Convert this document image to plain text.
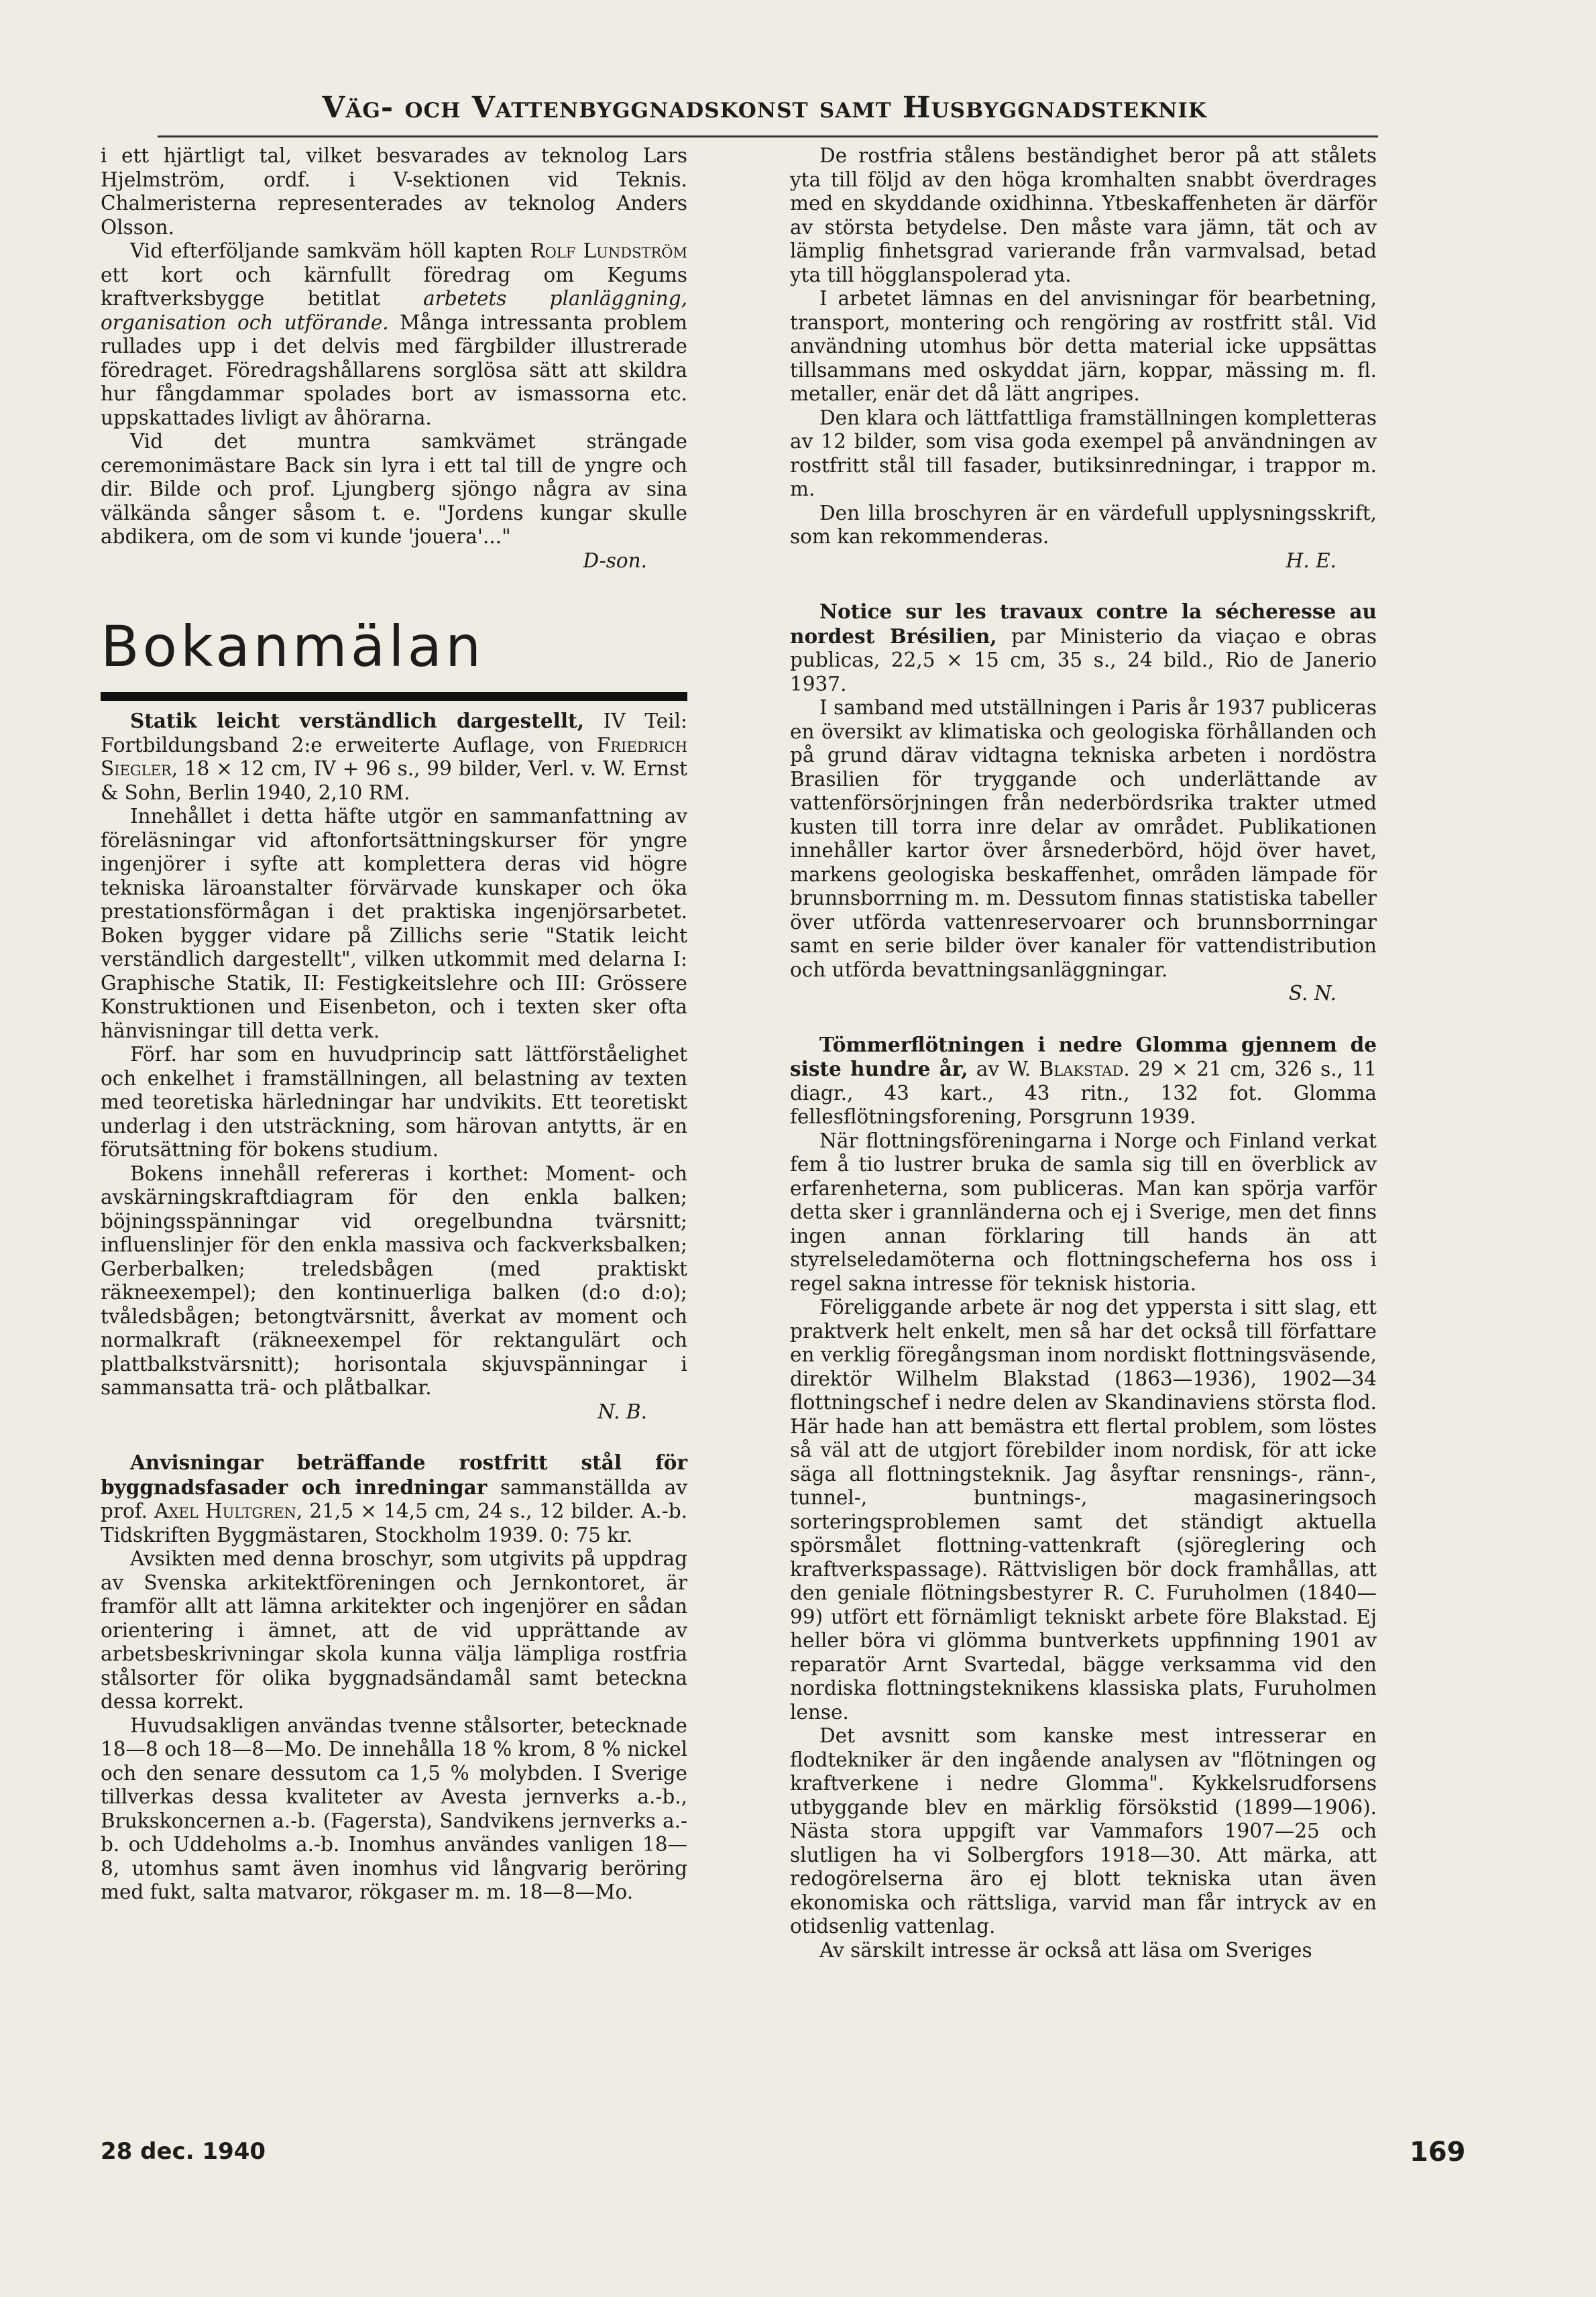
Väg- och Vattenbyggnadskonst samt Husbyggnadsteknik

i ett hjärtligt tal, vilket besvarades av teknolog Lars Hjelmström, ordf. i V-sektionen vid Teknis. Chalmeristerna representerades av teknolog Anders Olsson.

Vid efterföljande samkväm höll kapten Rolf Lundström ett kort och kärnfullt föredrag om Kegums kraftverksbygge betitlat arbetets planläggning, organisation och utförande. Många intressanta problem rullades upp i det delvis med färgbilder illustrerade föredraget. Föredragshållarens sorglösa sätt att skildra hur fångdammar spolades bort av ismassorna etc. uppskattades livligt av åhörarna.

Vid det muntra samkvämet strängade ceremonimästare Back sin lyra i ett tal till de yngre och dir. Bilde och prof. Ljungberg sjöngo några av sina välkända sånger såsom t. e. "Jordens kungar skulle abdikera, om de som vi kunde 'jouera'..."

D-son.

Bokanmälan

Statik leicht verständlich dargestellt, IV Teil: Fortbildungsband 2:e erweiterte Auflage, von Friedrich Siegler, 18 × 12 cm, IV + 96 s., 99 bilder, Verl. v. W. Ernst & Sohn, Berlin 1940, 2,10 RM.

Innehållet i detta häfte utgör en sammanfattning av föreläsningar vid aftonfortsättningskurser för yngre ingenjörer i syfte att komplettera deras vid högre tekniska läroanstalter förvärvade kunskaper och öka prestationsförmågan i det praktiska ingenjörsarbetet. Boken bygger vidare på Zillichs serie "Statik leicht verständlich dargestellt", vilken utkommit med delarna I: Graphische Statik, II: Festigkeitslehre och III: Grössere Konstruktionen und Eisenbeton, och i texten sker ofta hänvisningar till detta verk.

Förf. har som en huvudprincip satt lättförståelighet och enkelhet i framställningen, all belastning av texten med teoretiska härledningar har undvikits. Ett teoretiskt underlag i den utsträckning, som härovan antytts, är en förutsättning för bokens studium.

Bokens innehåll refereras i korthet: Moment- och avskärningskraftdiagram för den enkla balken; böjningsspänningar vid oregelbundna tvärsnitt; influenslinjer för den enkla massiva och fackverksbalken; Gerberbalken; treledsbågen (med praktiskt räkneexempel); den kontinuerliga balken (d:o d:o); tvåledsbågen; betongtvärsnitt, åverkat av moment och normalkraft (räkneexempel för rektangulärt och plattbalkstvärsnitt); horisontala skjuvspänningar i sammansatta trä- och plåtbalkar.

N. B.

Anvisningar beträffande rostfritt stål för byggnadsfasader och inredningar sammanställda av prof. Axel Hultgren, 21,5 × 14,5 cm, 24 s., 12 bilder. A.-b. Tidskriften Byggmästaren, Stockholm 1939. 0: 75 kr.

Avsikten med denna broschyr, som utgivits på uppdrag av Svenska arkitektföreningen och Jernkontoret, är framför allt att lämna arkitekter och ingenjörer en sådan orientering i ämnet, att de vid upprättande av arbetsbeskrivningar skola kunna välja lämpliga rostfria stålsorter för olika byggnadsändamål samt beteckna dessa korrekt.

Huvudsakligen användas tvenne stålsorter, betecknade 18—8 och 18—8—Mo. De innehålla 18 % krom, 8 % nickel och den senare dessutom ca 1,5 % molybden. I Sverige tillverkas dessa kvaliteter av Avesta jernverks a.-b., Brukskoncernen a.-b. (Fagersta), Sandvikens jernverks a.-b. och Uddeholms a.-b. Inomhus användes vanligen 18—8, utomhus samt även inomhus vid långvarig beröring med fukt, salta matvaror, rökgaser m. m. 18—8—Mo.

De rostfria stålens beständighet beror på att stålets yta till följd av den höga kromhalten snabbt överdrages med en skyddande oxidhinna. Ytbeskaffenheten är därför av största betydelse. Den måste vara jämn, tät och av lämplig finhetsgrad varierande från varmvalsad, betad yta till högglanspolerad yta.

I arbetet lämnas en del anvisningar för bearbetning, transport, montering och rengöring av rostfritt stål. Vid användning utomhus bör detta material icke uppsättas tillsammans med oskyddat järn, koppar, mässing m. fl. metaller, enär det då lätt angripes.

Den klara och lättfattliga framställningen kompletteras av 12 bilder, som visa goda exempel på användningen av rostfritt stål till fasader, butiksinredningar, i trappor m. m.

Den lilla broschyren är en värdefull upplysningsskrift, som kan rekommenderas.

H. E.

Notice sur les travaux contre la sécheresse au nordest Brésilien, par Ministerio da viaçao e obras publicas, 22,5 × 15 cm, 35 s., 24 bild., Rio de Janerio 1937.

I samband med utställningen i Paris år 1937 publiceras en översikt av klimatiska och geologiska förhållanden och på grund därav vidtagna tekniska arbeten i nordöstra Brasilien för tryggande och underlättande av vattenförsörjningen från nederbördsrika trakter utmed kusten till torra inre delar av området. Publikationen innehåller kartor över årsnederbörd, höjd över havet, markens geologiska beskaffenhet, områden lämpade för brunnsborrning m. m. Dessutom finnas statistiska tabeller över utförda vattenreservoarer och brunnsborrningar samt en serie bilder över kanaler för vattendistribution och utförda bevattningsanläggningar.

S. N.

Tömmerflötningen i nedre Glomma gjennem de siste hundre år, av W. Blakstad. 29 × 21 cm, 326 s., 11 diagr., 43 kart., 43 ritn., 132 fot. Glomma fellesflötningsforening, Porsgrunn 1939.

När flottningsföreningarna i Norge och Finland verkat fem å tio lustrer bruka de samla sig till en överblick av erfarenheterna, som publiceras. Man kan spörja varför detta sker i grannländerna och ej i Sverige, men det finns ingen annan förklaring till hands än att styrelseledamöterna och flottningscheferna hos oss i regel sakna intresse för teknisk historia.

Föreliggande arbete är nog det yppersta i sitt slag, ett praktverk helt enkelt, men så har det också till författare en verklig föregångsman inom nordiskt flottningsväsende, direktör Wilhelm Blakstad (1863—1936), 1902—34 flottningschef i nedre delen av Skandinaviens största flod. Här hade han att bemästra ett flertal problem, som löstes så väl att de utgjort förebilder inom nordisk, för att icke säga all flottningsteknik. Jag åsyftar rensnings-, ränn-, tunnel-, buntnings-, magasineringsoch sorteringsproblemen samt det ständigt aktuella spörsmålet flottning-vattenkraft (sjöreglering och kraftverkspassage). Rättvisligen bör dock framhållas, att den geniale flötningsbestyrer R. C. Furuholmen (1840—99) utfört ett förnämligt tekniskt arbete före Blakstad. Ej heller böra vi glömma buntverkets uppfinning 1901 av reparatör Arnt Svartedal, bägge verksamma vid den nordiska flottningsteknikens klassiska plats, Furuholmen lense.

Det avsnitt som kanske mest intresserar en flodtekniker är den ingående analysen av "flötningen og kraftverkene i nedre Glomma". Kykkelsrudforsens utbyggande blev en märklig försökstid (1899—1906). Nästa stora uppgift var Vammafors 1907—25 och slutligen ha vi Solbergfors 1918—30. Att märka, att redogörelserna äro ej blott tekniska utan även ekonomiska och rättsliga, varvid man får intryck av en otidsenlig vattenlag.

Av särskilt intresse är också att läsa om Sveriges

28 dec. 1940	169
